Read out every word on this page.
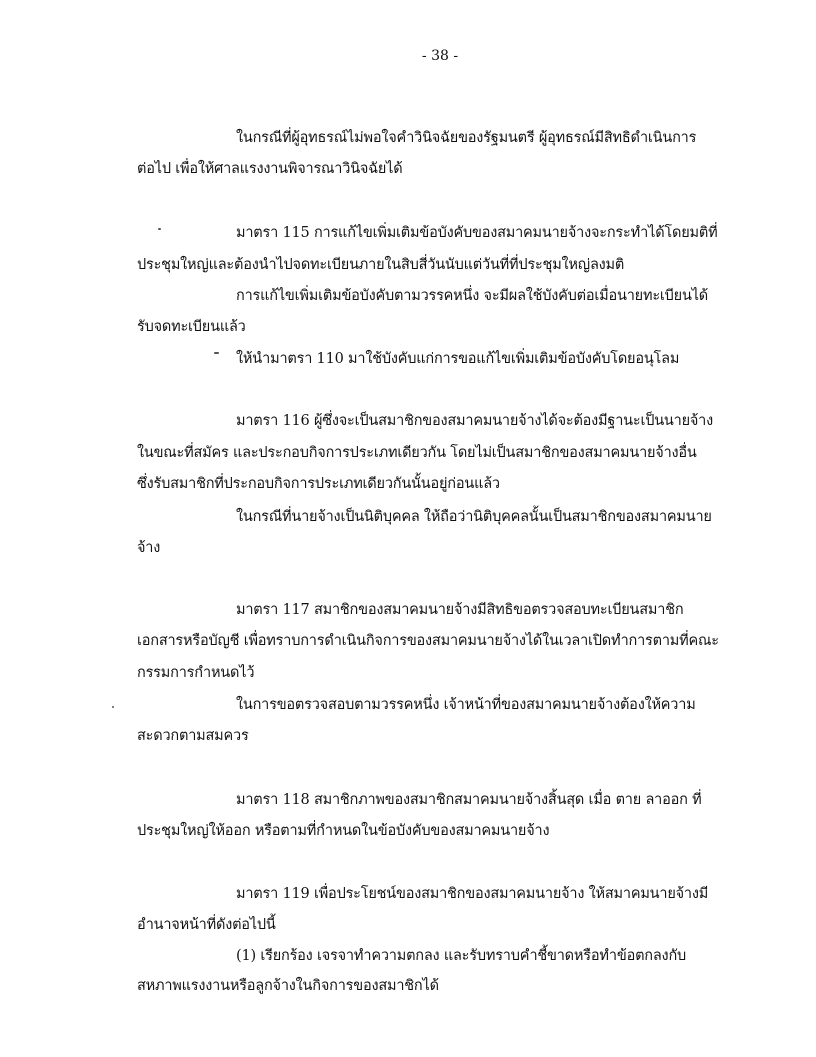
- 38 -
ในกรณีที่ผู้อุทธรณ์ไม่พอใจคำวินิจฉัยของรัฐมนตรี ผู้อุทธรณ์มีสิทธิดำเนินการ
ต่อไป เพื่อให้ศาลแรงงานพิจารณาวินิจฉัยได้
มาตรา 115 การแก้ไขเพิ่มเติมข้อบังคับของสมาคมนายจ้างจะกระทำได้โดยมติที่
ประชุมใหญ่และต้องนำไปจดทะเบียนภายในสิบสี่วันนับแต่วันที่ที่ประชุมใหญ่ลงมติ
การแก้ไขเพิ่มเติมข้อบังคับตามวรรคหนึ่ง จะมีผลใช้บังคับต่อเมื่อนายทะเบียนได้
รับจดทะเบียนแล้ว
ให้นำมาตรา 110 มาใช้บังคับแก่การขอแก้ไขเพิ่มเติมข้อบังคับโดยอนุโลม
มาตรา 116 ผู้ซึ่งจะเป็นสมาชิกของสมาคมนายจ้างได้จะต้องมีฐานะเป็นนายจ้าง
ในขณะที่สมัคร และประกอบกิจการประเภทเดียวกัน โดยไม่เป็นสมาชิกของสมาคมนายจ้างอื่น
ซึ่งรับสมาชิกที่ประกอบกิจการประเภทเดียวกันนั้นอยู่ก่อนแล้ว
ในกรณีที่นายจ้างเป็นนิติบุคคล ให้ถือว่านิติบุคคลนั้นเป็นสมาชิกของสมาคมนาย
จ้าง
มาตรา 117 สมาชิกของสมาคมนายจ้างมีสิทธิขอตรวจสอบทะเบียนสมาชิก
เอกสารหรือบัญชี เพื่อทราบการดำเนินกิจการของสมาคมนายจ้างได้ในเวลาเปิดทำการตามที่คณะ
กรรมการกำหนดไว้
ในการขอตรวจสอบตามวรรคหนึ่ง เจ้าหน้าที่ของสมาคมนายจ้างต้องให้ความ
สะดวกตามสมควร
มาตรา 118 สมาชิกภาพของสมาชิกสมาคมนายจ้างสิ้นสุด เมื่อ ตาย ลาออก ที่
ประชุมใหญ่ให้ออก หรือตามที่กำหนดในข้อบังคับของสมาคมนายจ้าง
มาตรา 119 เพื่อประโยชน์ของสมาชิกของสมาคมนายจ้าง ให้สมาคมนายจ้างมี
อำนาจหน้าที่ดังต่อไปนี้
(1) เรียกร้อง เจรจาทำความตกลง และรับทราบคำชี้ขาดหรือทำข้อตกลงกับ
สหภาพแรงงานหรือลูกจ้างในกิจการของสมาชิกได้
